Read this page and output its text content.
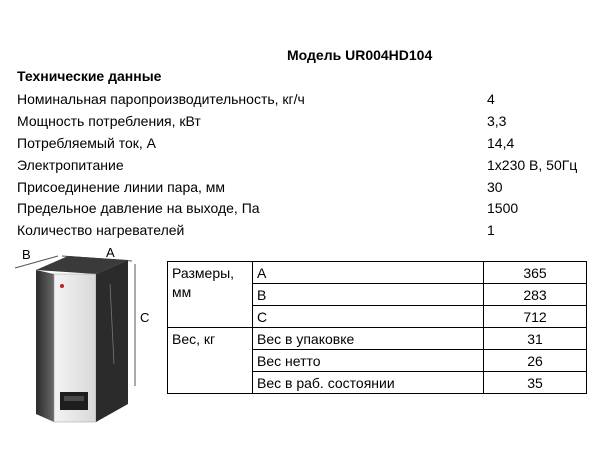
Модель UR004HD104
Технические данные
Номинальная паропроизводительность, кг/ч	4
Мощность потребления, кВт	3,3
Потребляемый ток, А	14,4
Электропитание	1х230 В, 50Гц
Присоединение линии пара, мм	30
Предельное давление на выходе, Па	1500
Количество нагревателей	1
B	A
C
Размеры, мм	A	365
	B	283
	C	712
Вес, кг	Вес в упаковке	31
	Вес нетто	26
	Вес в раб. состоянии	35
